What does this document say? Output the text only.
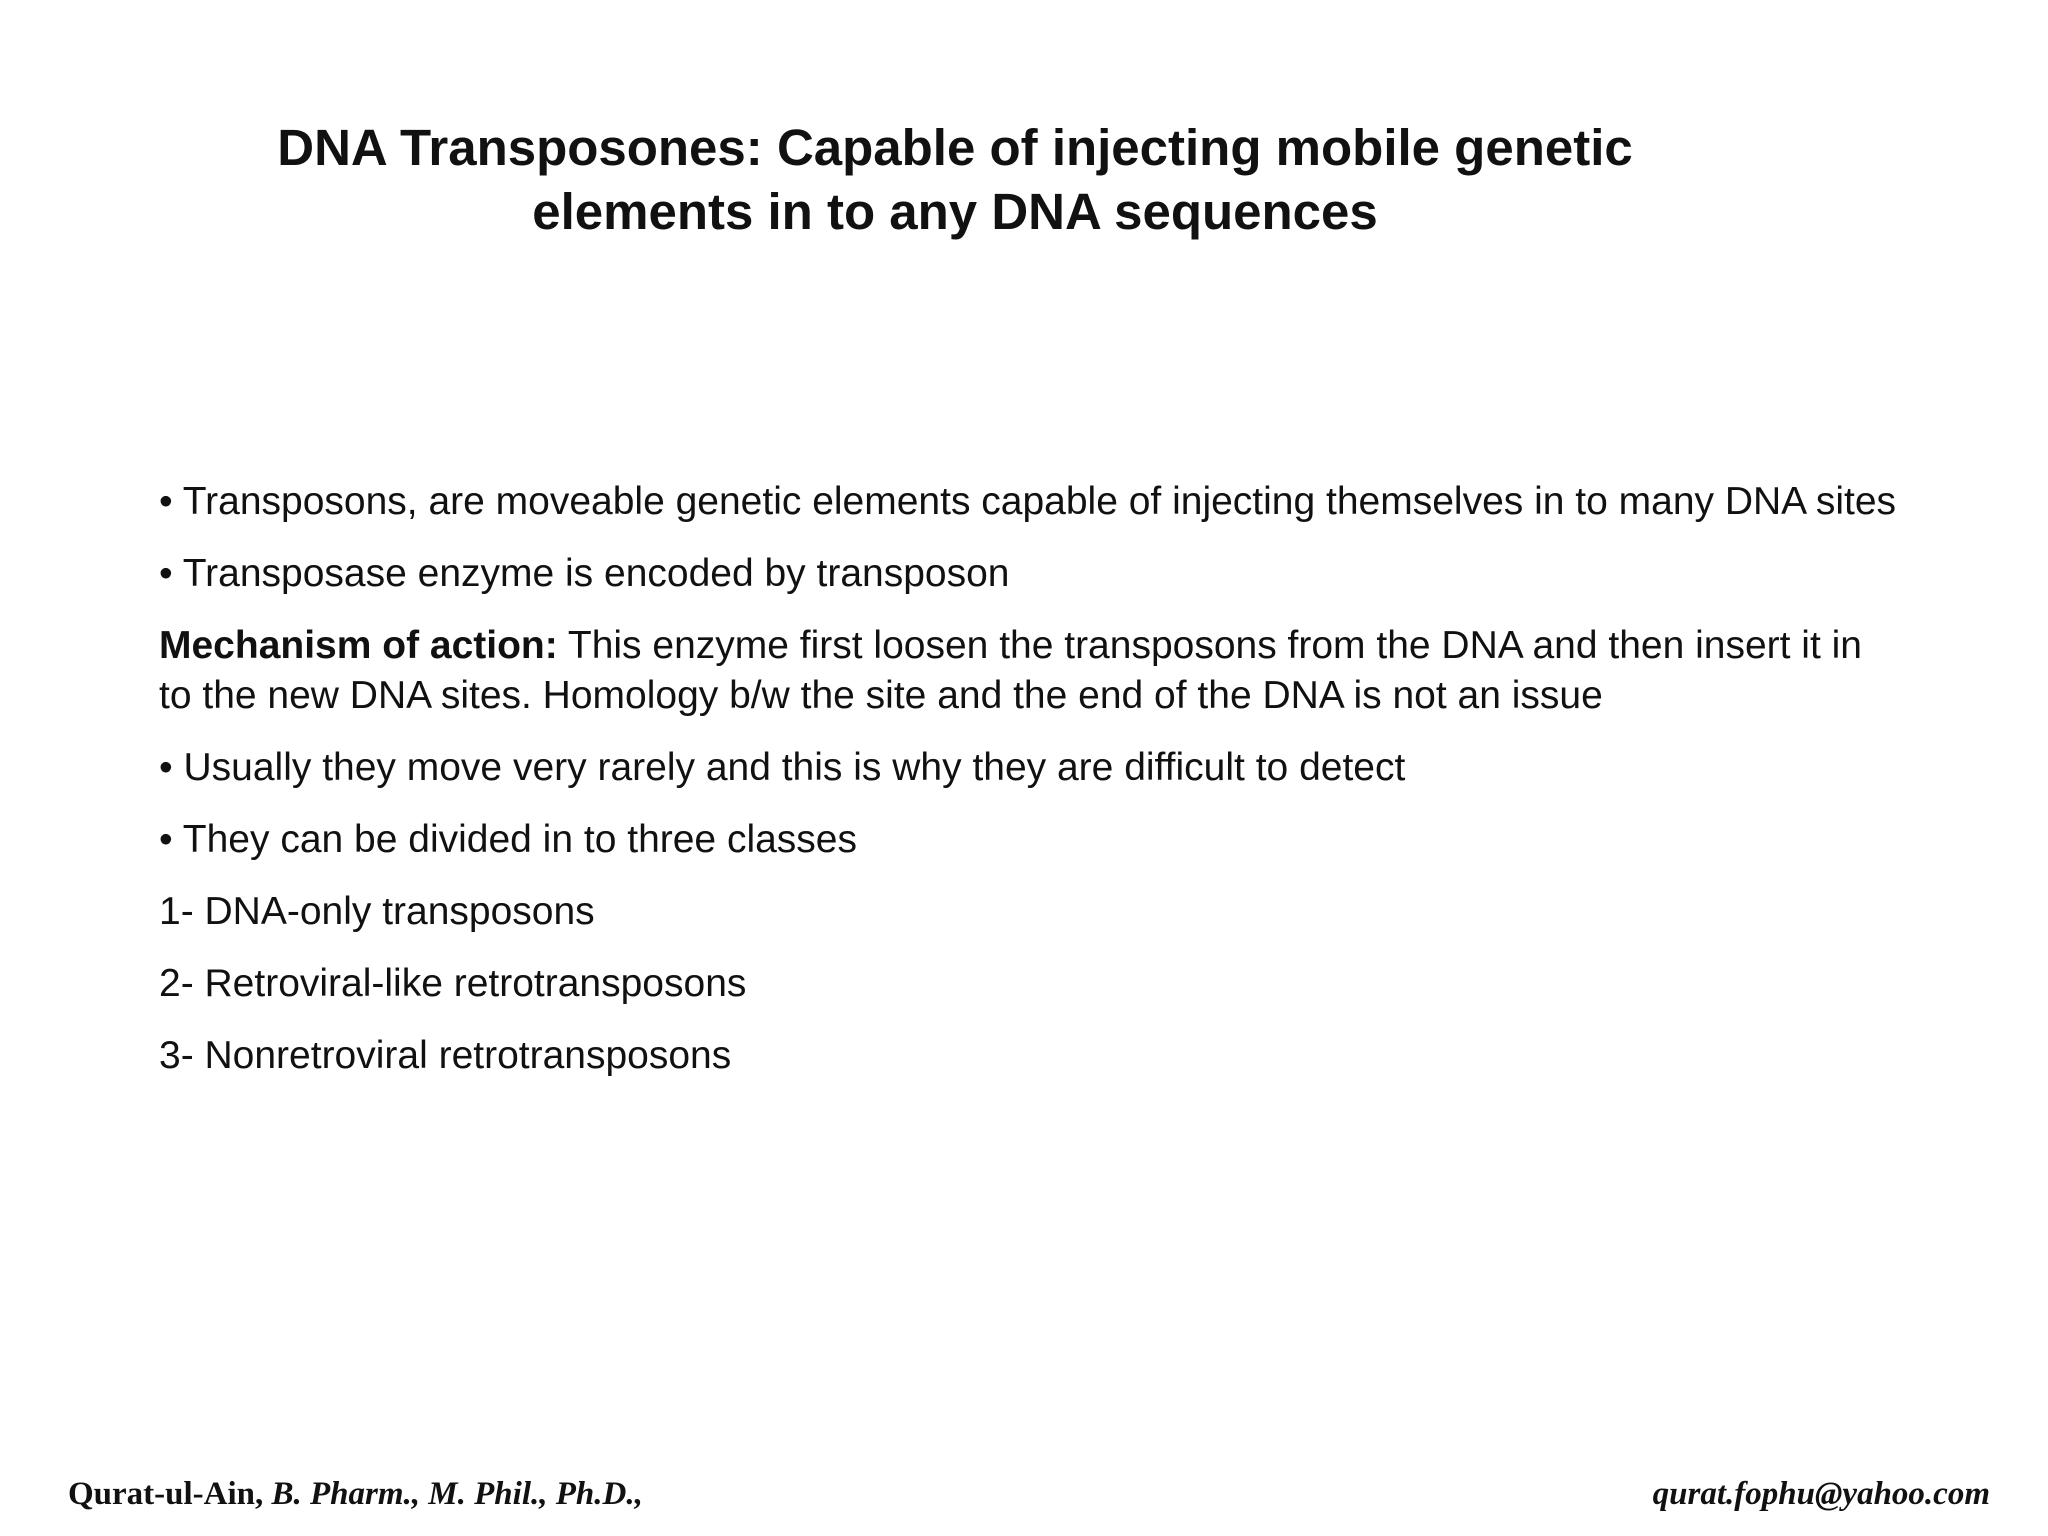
DNA Transposones: Capable of injecting mobile genetic
elements in to any DNA sequences

• Transposons, are moveable genetic elements capable of injecting themselves in to many DNA sites

• Transposase enzyme is encoded by transposon

Mechanism of action: This enzyme first loosen the transposons from the DNA and then insert it in to the new DNA sites. Homology b/w the site and the end of the DNA is not an issue

• Usually they move very rarely and this is why they are difficult to detect

• They can be divided in to three classes

1- DNA-only transposons

2- Retroviral-like retrotransposons

3- Nonretroviral retrotransposons

Qurat-ul-Ain, B. Pharm., M. Phil., Ph.D.,	qurat.fophu@yahoo.com
